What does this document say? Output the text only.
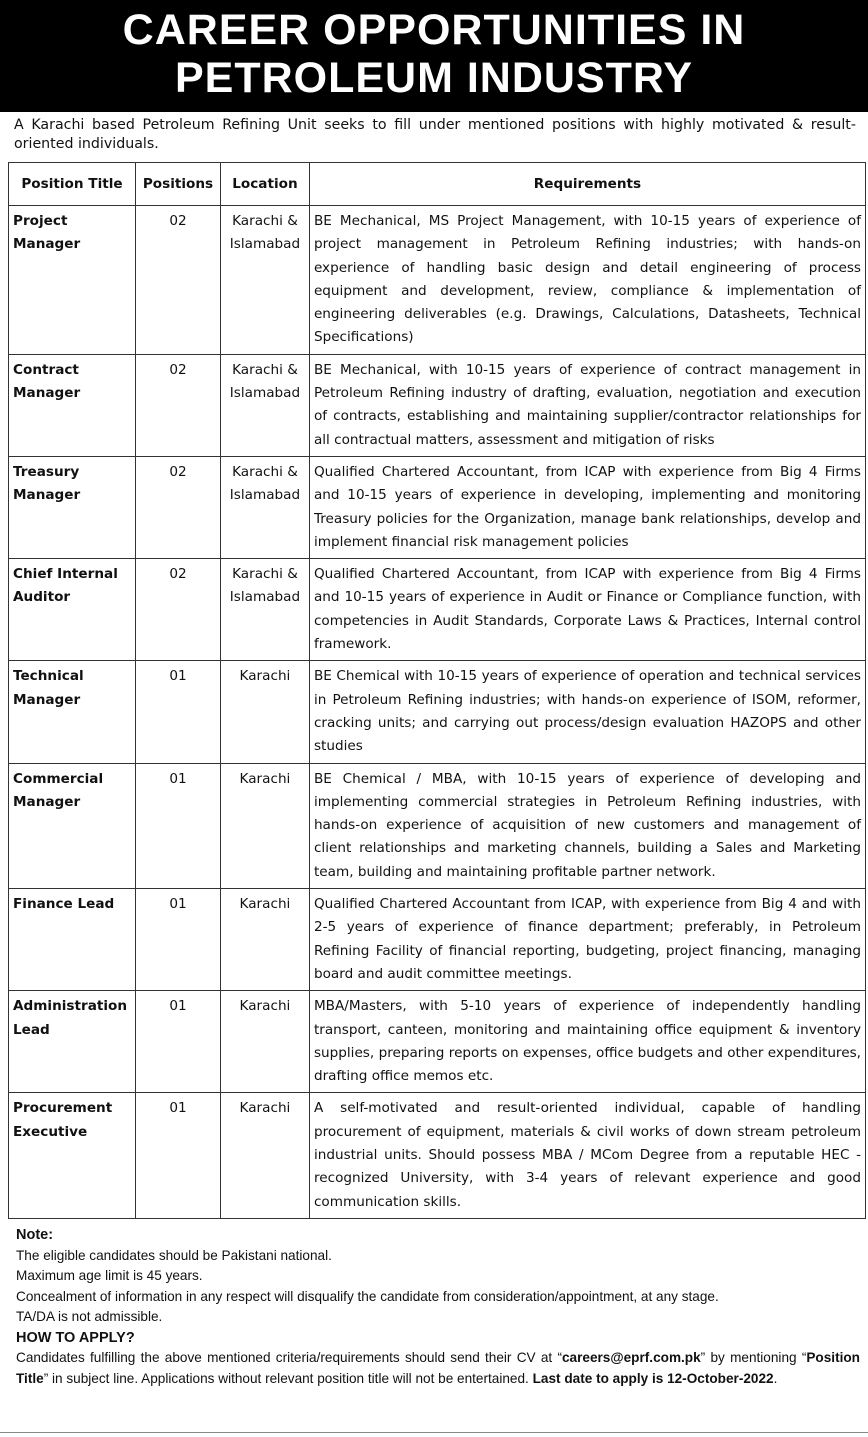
CAREER OPPORTUNITIES IN
PETROLEUM INDUSTRY
A Karachi based Petroleum Refining Unit seeks to fill under mentioned positions with highly motivated & result-oriented individuals.
Position Title	Positions	Location	Requirements
Project Manager	02	Karachi & Islamabad	BE Mechanical, MS Project Management, with 10-15 years of experience of project management in Petroleum Refining industries; with hands-on experience of handling basic design and detail engineering of process equipment and development, review, compliance & implementation of engineering deliverables (e.g. Drawings, Calculations, Datasheets, Technical Specifications)
Contract Manager	02	Karachi & Islamabad	BE Mechanical, with 10-15 years of experience of contract management in Petroleum Refining industry of drafting, evaluation, negotiation and execution of contracts, establishing and maintaining supplier/contractor relationships for all contractual matters, assessment and mitigation of risks
Treasury Manager	02	Karachi & Islamabad	Qualified Chartered Accountant, from ICAP with experience from Big 4 Firms and 10-15 years of experience in developing, implementing and monitoring Treasury policies for the Organization, manage bank relationships, develop and implement financial risk management policies
Chief Internal Auditor	02	Karachi & Islamabad	Qualified Chartered Accountant, from ICAP with experience from Big 4 Firms and 10-15 years of experience in Audit or Finance or Compliance function, with competencies in Audit Standards, Corporate Laws & Practices, Internal control framework.
Technical Manager	01	Karachi	BE Chemical with 10-15 years of experience of operation and technical services in Petroleum Refining industries; with hands-on experience of ISOM, reformer, cracking units; and carrying out process/design evaluation HAZOPS and other studies
Commercial Manager	01	Karachi	BE Chemical / MBA, with 10-15 years of experience of developing and implementing commercial strategies in Petroleum Refining industries, with hands-on experience of acquisition of new customers and management of client relationships and marketing channels, building a Sales and Marketing team, building and maintaining profitable partner network.
Finance Lead	01	Karachi	Qualified Chartered Accountant from ICAP, with experience from Big 4 and with 2-5 years of experience of finance department; preferably, in Petroleum Refining Facility of financial reporting, budgeting, project financing, managing board and audit committee meetings.
Administration Lead	01	Karachi	MBA/Masters, with 5-10 years of experience of independently handling transport, canteen, monitoring and maintaining office equipment & inventory supplies, preparing reports on expenses, office budgets and other expenditures, drafting office memos etc.
Procurement Executive	01	Karachi	A self-motivated and result-oriented individual, capable of handling procurement of equipment, materials & civil works of down stream petroleum industrial units. Should possess MBA / MCom Degree from a reputable HEC - recognized University, with 3-4 years of relevant experience and good communication skills.

Note:

The eligible candidates should be Pakistani national.

Maximum age limit is 45 years.

Concealment of information in any respect will disqualify the candidate from consideration/appointment, at any stage.

TA/DA is not admissible.

HOW TO APPLY?

Candidates fulfilling the above mentioned criteria/requirements should send their CV at “careers@eprf.com.pk” by mentioning “Position Title” in subject line. Applications without relevant position title will not be entertained. Last date to apply is 12-October-2022.
